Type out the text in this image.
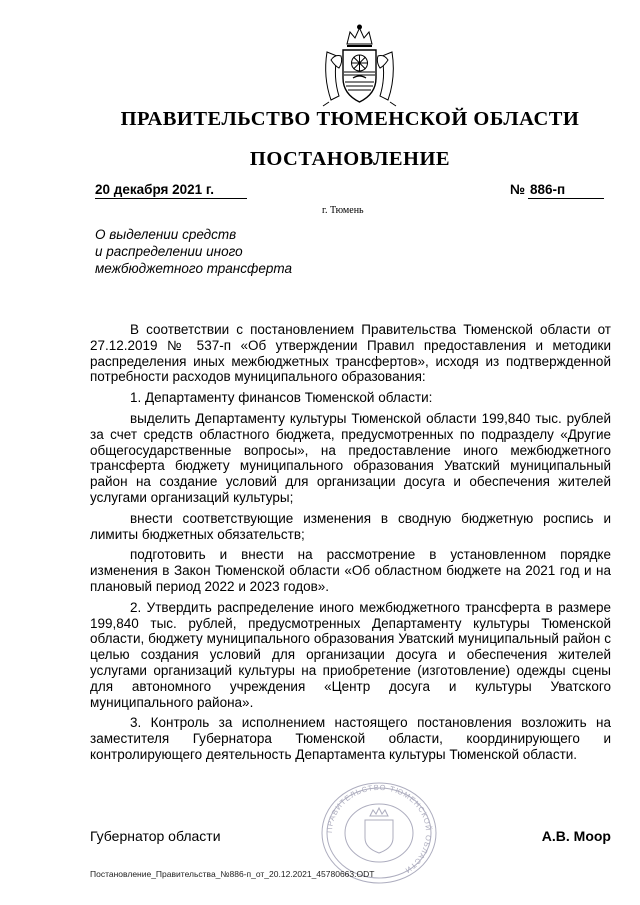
ПРАВИТЕЛЬСТВО ТЮМЕНСКОЙ ОБЛАСТИ
ПОСТАНОВЛЕНИЕ
20 декабря 2021 г.
г. Тюмень
№ 886-п
О выделении средств
и распределении иного
межбюджетного трансферта

В соответствии с постановлением Правительства Тюменской области от 27.12.2019 № 537-п «Об утверждении Правил предоставления и методики распределения иных межбюджетных трансфертов», исходя из подтвержденной потребности расходов муниципального образования:

1. Департаменту финансов Тюменской области:

выделить Департаменту культуры Тюменской области 199,840 тыс. рублей за счет средств областного бюджета, предусмотренных по подразделу «Другие общегосударственные вопросы», на предоставление иного межбюджетного трансферта бюджету муниципального образования Уватский муниципальный район на создание условий для организации досуга и обеспечения жителей услугами организаций культуры;

внести соответствующие изменения в сводную бюджетную роспись и лимиты бюджетных обязательств;

подготовить и внести на рассмотрение в установленном порядке изменения в Закон Тюменской области «Об областном бюджете на 2021 год и на плановый период 2022 и 2023 годов».

2. Утвердить распределение иного межбюджетного трансферта в размере 199,840 тыс. рублей, предусмотренных Департаменту культуры Тюменской области, бюджету муниципального образования Уватский муниципальный район с целью создания условий для организации досуга и обеспечения жителей услугами организаций культуры на приобретение (изготовление) одежды сцены для автономного учреждения «Центр досуга и культуры Уватского муниципального района».

3. Контроль за исполнением настоящего постановления возложить на заместителя Губернатора Тюменской области, координирующего и контролирующего деятельность Департамента культуры Тюменской области.

ПРАВИТЕЛЬСТВО ТЮМЕНСКОЙ ОБЛАСТИ
Губернатор области	А.В. Моор
Постановление_Правительства_№886-п_от_20.12.2021_45780663.ODT
